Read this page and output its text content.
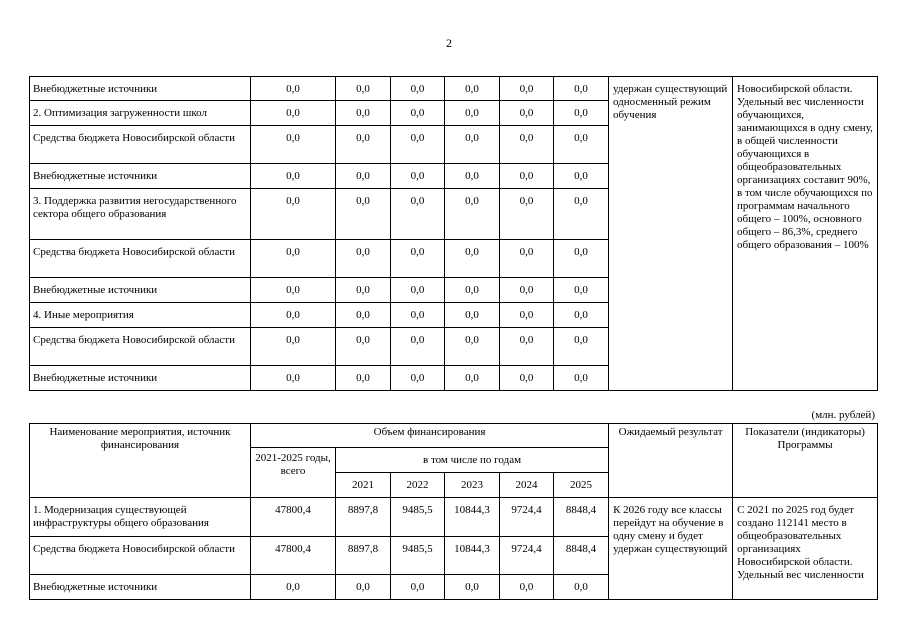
2
Внебюджетные источники	0,0	0,0	0,0	0,0	0,0	0,0	удержан существующий односменный режим обучения	Новосибирской области. Удельный вес численности обучающихся, занимающихся в одну смену, в общей численности обучающихся в общеобразовательных организациях составит 90%, в том числе обучающихся по программам начального общего – 100%, основного общего – 86,3%, среднего общего образования – 100%
2. Оптимизация загруженности школ	0,0	0,0	0,0	0,0	0,0	0,0		
Средства бюджета Новосибирской области	0,0	0,0	0,0	0,0	0,0	0,0		
Внебюджетные источники	0,0	0,0	0,0	0,0	0,0	0,0		
3. Поддержка развития негосударственного сектора общего образования	0,0	0,0	0,0	0,0	0,0	0,0		
Средства бюджета Новосибирской области	0,0	0,0	0,0	0,0	0,0	0,0		
Внебюджетные источники	0,0	0,0	0,0	0,0	0,0	0,0		
4. Иные мероприятия	0,0	0,0	0,0	0,0	0,0	0,0		
Средства бюджета Новосибирской области	0,0	0,0	0,0	0,0	0,0	0,0		
Внебюджетные источники	0,0	0,0	0,0	0,0	0,0	0,0		
(млн. рублей)
Наименование мероприятия, источник финансирования	Объем финансирования						Ожидаемый результат	Показатели (индикаторы) Программы
	2021-2025 годы, всего	в том числе по годам						
		2021	2022	2023	2024	2025		
1. Модернизация существующей инфраструктуры общего образования	47800,4	8897,8	9485,5	10844,3	9724,4	8848,4	К 2026 году все классы перейдут на обучение в одну смену и будет удержан существующий	С 2021 по 2025 год будет создано 112141 место в общеобразовательных организациях Новосибирской области. Удельный вес численности
Средства бюджета Новосибирской области	47800,4	8897,8	9485,5	10844,3	9724,4	8848,4		
Внебюджетные источники	0,0	0,0	0,0	0,0	0,0	0,0		
